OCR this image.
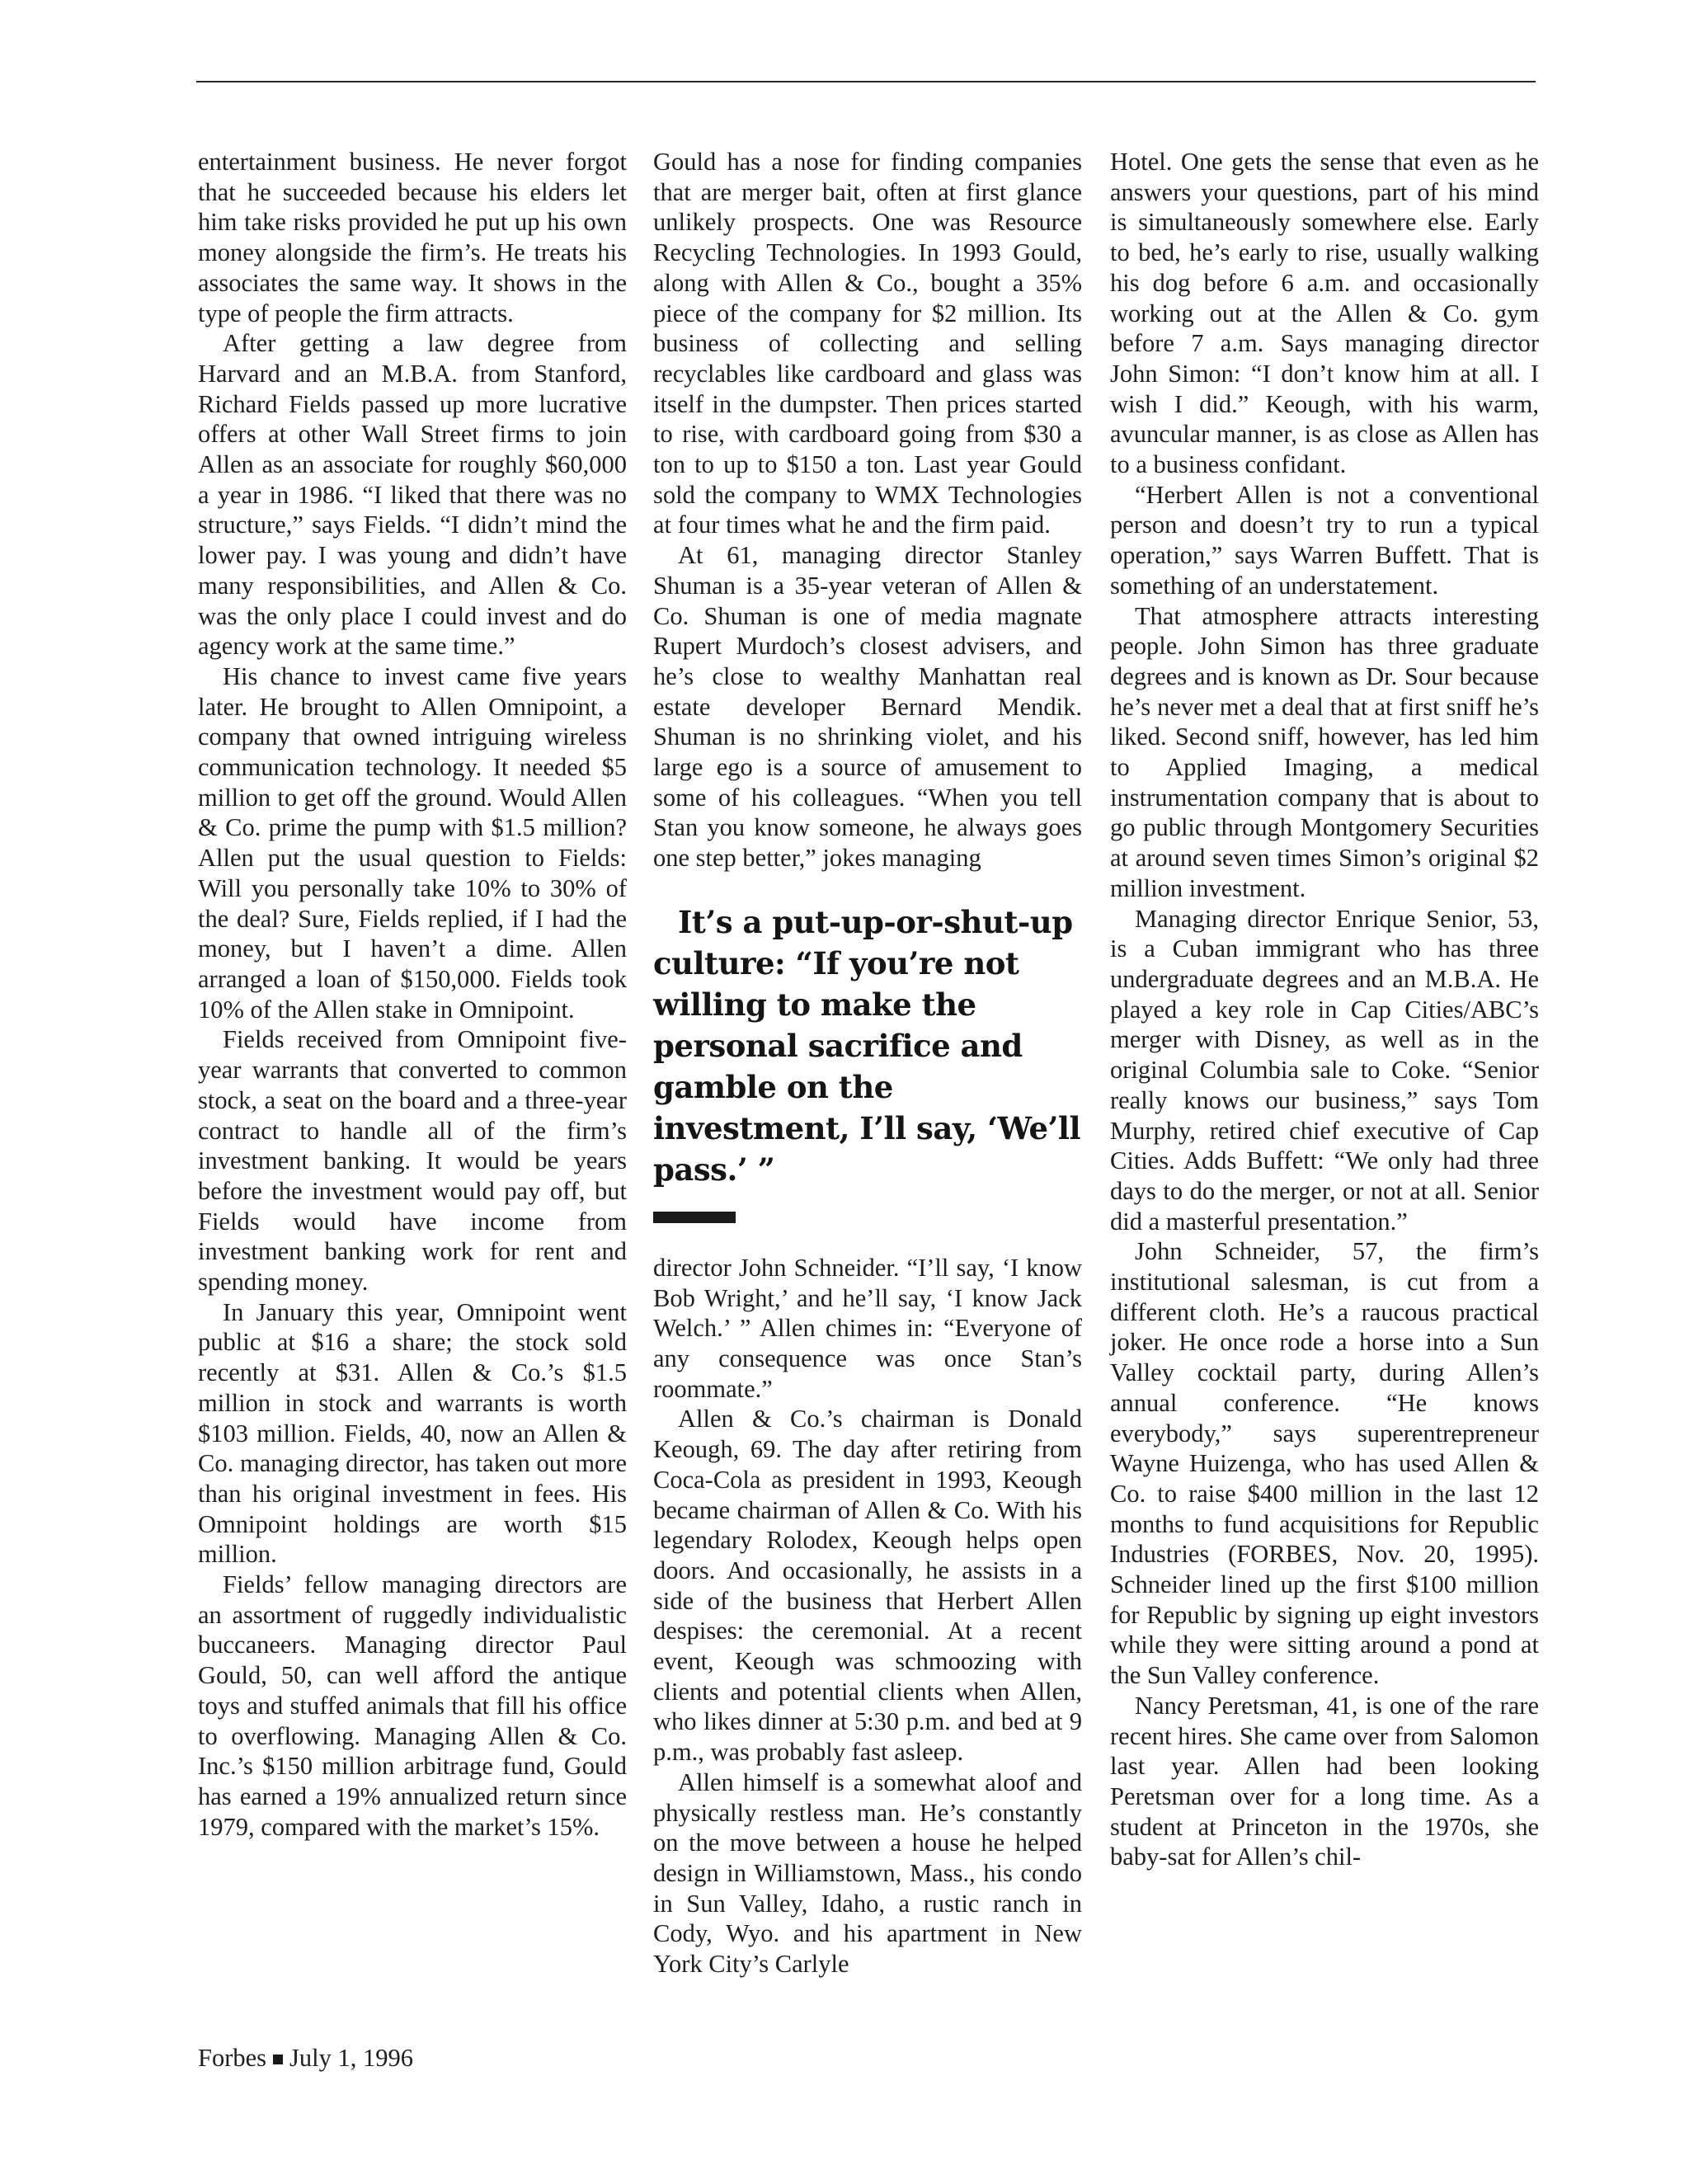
entertainment business. He never forgot that he succeeded because his elders let him take risks provided he put up his own money alongside the firm’s. He treats his associates the same way. It shows in the type of people the firm attracts.

After getting a law degree from Harvard and an M.B.A. from Stanford, Richard Fields passed up more lucrative offers at other Wall Street firms to join Allen as an associate for roughly $60,000 a year in 1986. “I liked that there was no structure,” says Fields. “I didn’t mind the lower pay. I was young and didn’t have many responsibilities, and Allen & Co. was the only place I could invest and do agency work at the same time.”

His chance to invest came five years later. He brought to Allen Omnipoint, a company that owned intriguing wireless communication technology. It needed $5 million to get off the ground. Would Allen & Co. prime the pump with $1.5 million? Allen put the usual question to Fields: Will you personally take 10% to 30% of the deal? Sure, Fields replied, if I had the money, but I haven’t a dime. Allen arranged a loan of $150,000. Fields took 10% of the Allen stake in Omnipoint.

Fields received from Omnipoint five-year warrants that converted to common stock, a seat on the board and a three-year contract to handle all of the firm’s investment banking. It would be years before the investment would pay off, but Fields would have income from investment banking work for rent and spending money.

In January this year, Omnipoint went public at $16 a share; the stock sold recently at $31. Allen & Co.’s $1.5 million in stock and warrants is worth $103 million. Fields, 40, now an Allen & Co. managing director, has taken out more than his original investment in fees. His Omnipoint holdings are worth $15 million.

Fields’ fellow managing directors are an assortment of ruggedly individualistic buccaneers. Managing director Paul Gould, 50, can well afford the antique toys and stuffed animals that fill his office to overflowing. Managing Allen & Co. Inc.’s $150 million arbitrage fund, Gould has earned a 19% annualized return since 1979, compared with the market’s 15%.

Gould has a nose for finding companies that are merger bait, often at first glance unlikely prospects. One was Resource Recycling Technologies. In 1993 Gould, along with Allen & Co., bought a 35% piece of the company for $2 million. Its business of collecting and selling recyclables like cardboard and glass was itself in the dumpster. Then prices started to rise, with cardboard going from $30 a ton to up to $150 a ton. Last year Gould sold the company to WMX Technologies at four times what he and the firm paid.

At 61, managing director Stanley Shuman is a 35-year veteran of Allen & Co. Shuman is one of media magnate Rupert Murdoch’s closest advisers, and he’s close to wealthy Manhattan real estate developer Bernard Mendik. Shuman is no shrinking violet, and his large ego is a source of amusement to some of his colleagues. “When you tell Stan you know someone, he always goes one step better,” jokes managing

It’s a put-up-or-shut-up culture: “If you’re not willing to make the personal sacrifice and gamble on the investment, I’ll say, ‘We’ll pass.’ ”

director John Schneider. “I’ll say, ‘I know Bob Wright,’ and he’ll say, ‘I know Jack Welch.’ ” Allen chimes in: “Everyone of any consequence was once Stan’s roommate.”

Allen & Co.’s chairman is Donald Keough, 69. The day after retiring from Coca-Cola as president in 1993, Keough became chairman of Allen & Co. With his legendary Rolodex, Keough helps open doors. And occasionally, he assists in a side of the business that Herbert Allen despises: the ceremonial. At a recent event, Keough was schmoozing with clients and potential clients when Allen, who likes dinner at 5:30 p.m. and bed at 9 p.m., was probably fast asleep.

Allen himself is a somewhat aloof and physically restless man. He’s constantly on the move between a house he helped design in Williamstown, Mass., his condo in Sun Valley, Idaho, a rustic ranch in Cody, Wyo. and his apartment in New York City’s Carlyle

Hotel. One gets the sense that even as he answers your questions, part of his mind is simultaneously somewhere else. Early to bed, he’s early to rise, usually walking his dog before 6 a.m. and occasionally working out at the Allen & Co. gym before 7 a.m. Says managing director John Simon: “I don’t know him at all. I wish I did.” Keough, with his warm, avuncular manner, is as close as Allen has to a business confidant.

“Herbert Allen is not a conventional person and doesn’t try to run a typical operation,” says Warren Buffett. That is something of an understatement.

That atmosphere attracts interesting people. John Simon has three graduate degrees and is known as Dr. Sour because he’s never met a deal that at first sniff he’s liked. Second sniff, however, has led him to Applied Imaging, a medical instrumentation company that is about to go public through Montgomery Securities at around seven times Simon’s original $2 million investment.

Managing director Enrique Senior, 53, is a Cuban immigrant who has three undergraduate degrees and an M.B.A. He played a key role in Cap Cities/ABC’s merger with Disney, as well as in the original Columbia sale to Coke. “Senior really knows our business,” says Tom Murphy, retired chief executive of Cap Cities. Adds Buffett: “We only had three days to do the merger, or not at all. Senior did a masterful presentation.”

John Schneider, 57, the firm’s institutional salesman, is cut from a different cloth. He’s a raucous practical joker. He once rode a horse into a Sun Valley cocktail party, during Allen’s annual conference. “He knows everybody,” says superentrepreneur Wayne Huizenga, who has used Allen & Co. to raise $400 million in the last 12 months to fund acquisitions for Republic Industries (FORBES, Nov. 20, 1995). Schneider lined up the first $100 million for Republic by signing up eight investors while they were sitting around a pond at the Sun Valley conference.

Nancy Peretsman, 41, is one of the rare recent hires. She came over from Salomon last year. Allen had been looking Peretsman over for a long time. As a student at Princeton in the 1970s, she baby-sat for Allen’s chil-

Forbes July 1, 1996
